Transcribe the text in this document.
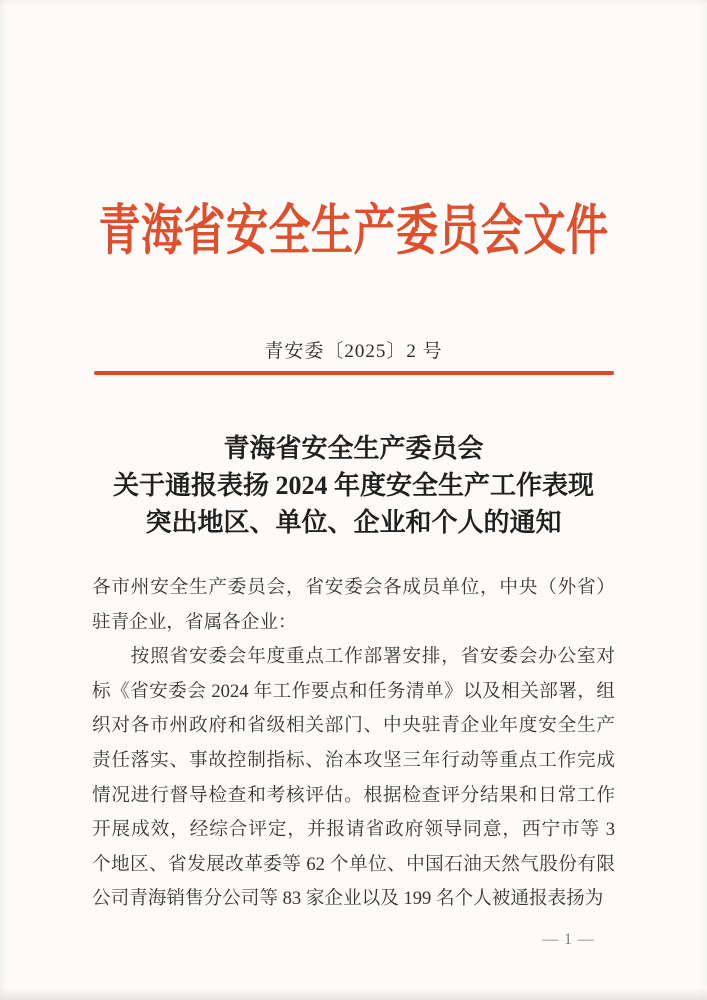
青海省安全生产委员会文件
青安委〔2025〕2 号
青海省安全生产委员会
关于通报表扬 2024 年度安全生产工作表现
突出地区、单位、企业和个人的通知
各市州安全生产委员会，省安委会各成员单位，中央（外省）
驻青企业，省属各企业：
　　按照省安委会年度重点工作部署安排，省安委会办公室对
标《省安委会 2024 年工作要点和任务清单》以及相关部署，组
织对各市州政府和省级相关部门、中央驻青企业年度安全生产
责任落实、事故控制指标、治本攻坚三年行动等重点工作完成
情况进行督导检查和考核评估。根据检查评分结果和日常工作
开展成效，经综合评定，并报请省政府领导同意，西宁市等 3
个地区、省发展改革委等 62 个单位、中国石油天然气股份有限
公司青海销售分公司等 83 家企业以及 199 名个人被通报表扬为
— 1 —
